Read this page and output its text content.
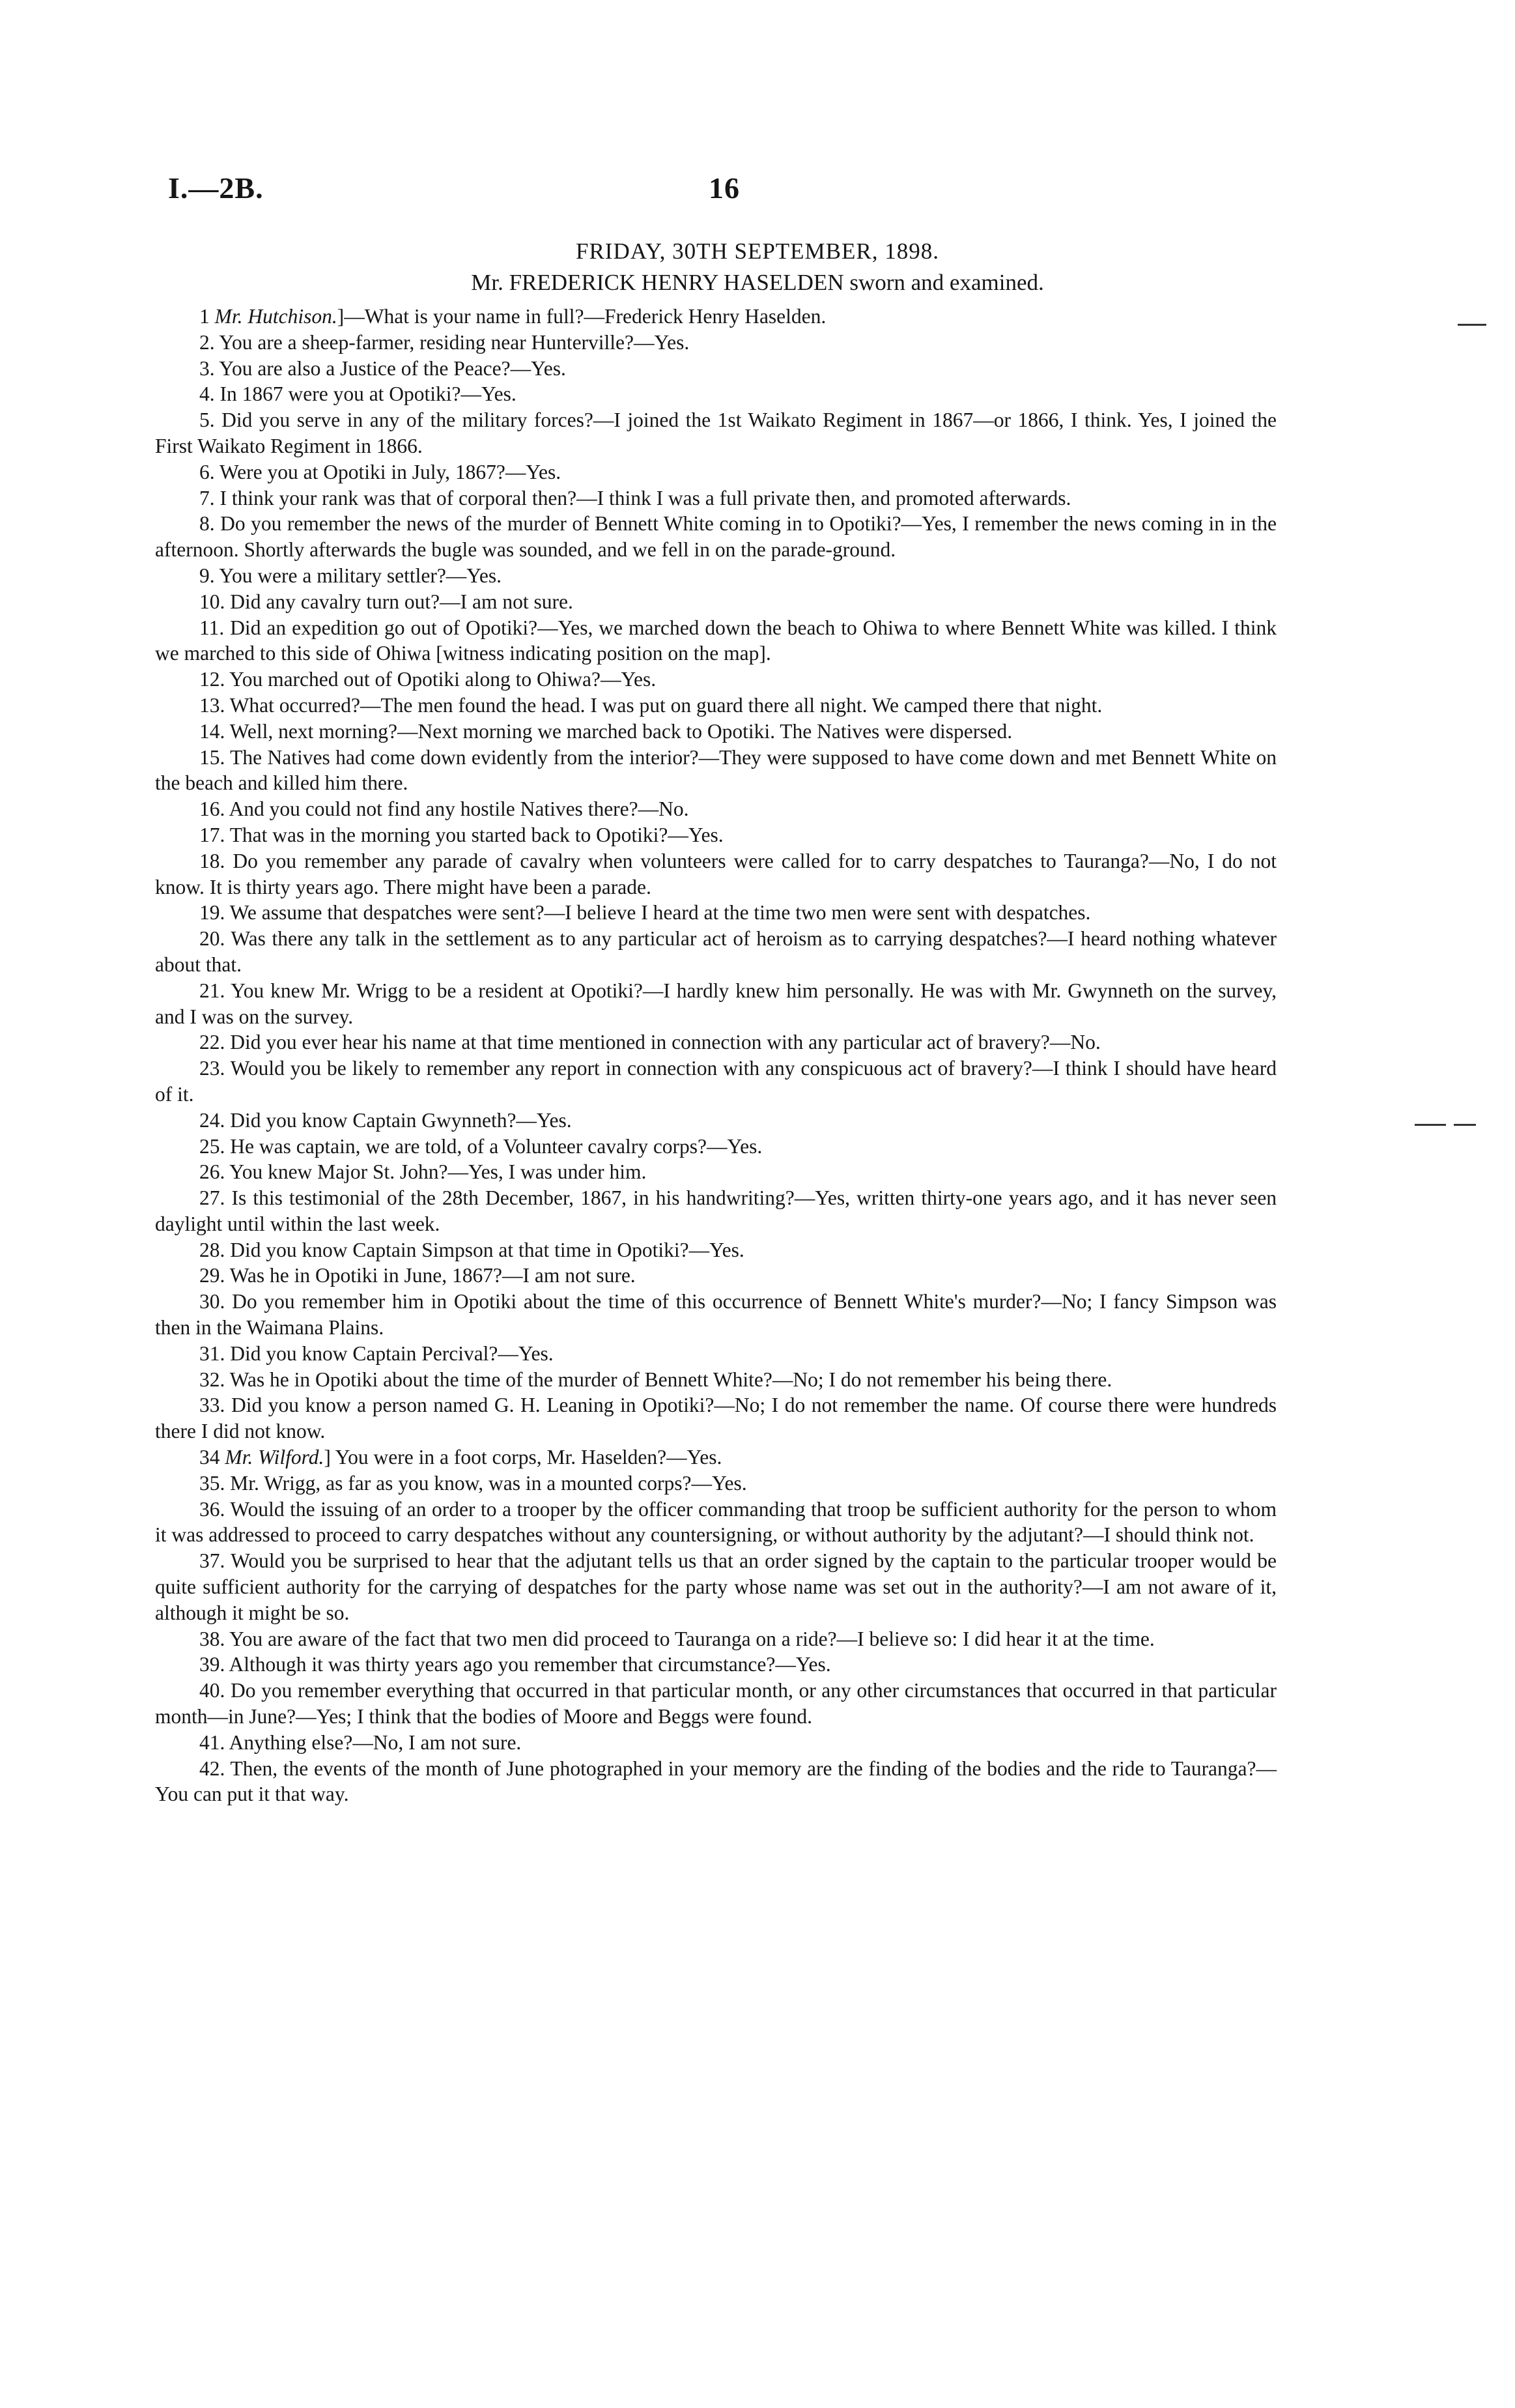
I.—2B.	16
FRIDAY, 30TH SEPTEMBER, 1898.
Mr. FREDERICK HENRY HASELDEN sworn and examined.

1 Mr. Hutchison.]—What is your name in full?—Frederick Henry Haselden.

2. You are a sheep-farmer, residing near Hunterville?—Yes.

3. You are also a Justice of the Peace?—Yes.

4. In 1867 were you at Opotiki?—Yes.

5. Did you serve in any of the military forces?—I joined the 1st Waikato Regiment in 1867—or 1866, I think. Yes, I joined the First Waikato Regiment in 1866.

6. Were you at Opotiki in July, 1867?—Yes.

7. I think your rank was that of corporal then?—I think I was a full private then, and promoted afterwards.

8. Do you remember the news of the murder of Bennett White coming in to Opotiki?—Yes, I remember the news coming in in the afternoon. Shortly afterwards the bugle was sounded, and we fell in on the parade-ground.

9. You were a military settler?—Yes.

10. Did any cavalry turn out?—I am not sure.

11. Did an expedition go out of Opotiki?—Yes, we marched down the beach to Ohiwa to where Bennett White was killed. I think we marched to this side of Ohiwa [witness indicating position on the map].

12. You marched out of Opotiki along to Ohiwa?—Yes.

13. What occurred?—The men found the head. I was put on guard there all night. We camped there that night.

14. Well, next morning?—Next morning we marched back to Opotiki. The Natives were dispersed.

15. The Natives had come down evidently from the interior?—They were supposed to have come down and met Bennett White on the beach and killed him there.

16. And you could not find any hostile Natives there?—No.

17. That was in the morning you started back to Opotiki?—Yes.

18. Do you remember any parade of cavalry when volunteers were called for to carry despatches to Tauranga?—No, I do not know. It is thirty years ago. There might have been a parade.

19. We assume that despatches were sent?—I believe I heard at the time two men were sent with despatches.

20. Was there any talk in the settlement as to any particular act of heroism as to carrying despatches?—I heard nothing whatever about that.

21. You knew Mr. Wrigg to be a resident at Opotiki?—I hardly knew him personally. He was with Mr. Gwynneth on the survey, and I was on the survey.

22. Did you ever hear his name at that time mentioned in connection with any particular act of bravery?—No.

23. Would you be likely to remember any report in connection with any conspicuous act of bravery?—I think I should have heard of it.

24. Did you know Captain Gwynneth?—Yes.

25. He was captain, we are told, of a Volunteer cavalry corps?—Yes.

26. You knew Major St. John?—Yes, I was under him.

27. Is this testimonial of the 28th December, 1867, in his handwriting?—Yes, written thirty-one years ago, and it has never seen daylight until within the last week.

28. Did you know Captain Simpson at that time in Opotiki?—Yes.

29. Was he in Opotiki in June, 1867?—I am not sure.

30. Do you remember him in Opotiki about the time of this occurrence of Bennett White's murder?—No; I fancy Simpson was then in the Waimana Plains.

31. Did you know Captain Percival?—Yes.

32. Was he in Opotiki about the time of the murder of Bennett White?—No; I do not remember his being there.

33. Did you know a person named G. H. Leaning in Opotiki?—No; I do not remember the name. Of course there were hundreds there I did not know.

34 Mr. Wilford.] You were in a foot corps, Mr. Haselden?—Yes.

35. Mr. Wrigg, as far as you know, was in a mounted corps?—Yes.

36. Would the issuing of an order to a trooper by the officer commanding that troop be sufficient authority for the person to whom it was addressed to proceed to carry despatches without any countersigning, or without authority by the adjutant?—I should think not.

37. Would you be surprised to hear that the adjutant tells us that an order signed by the captain to the particular trooper would be quite sufficient authority for the carrying of despatches for the party whose name was set out in the authority?—I am not aware of it, although it might be so.

38. You are aware of the fact that two men did proceed to Tauranga on a ride?—I believe so: I did hear it at the time.

39. Although it was thirty years ago you remember that circumstance?—Yes.

40. Do you remember everything that occurred in that particular month, or any other circumstances that occurred in that particular month—in June?—Yes; I think that the bodies of Moore and Beggs were found.

41. Anything else?—No, I am not sure.

42. Then, the events of the month of June photographed in your memory are the finding of the bodies and the ride to Tauranga?—You can put it that way.
